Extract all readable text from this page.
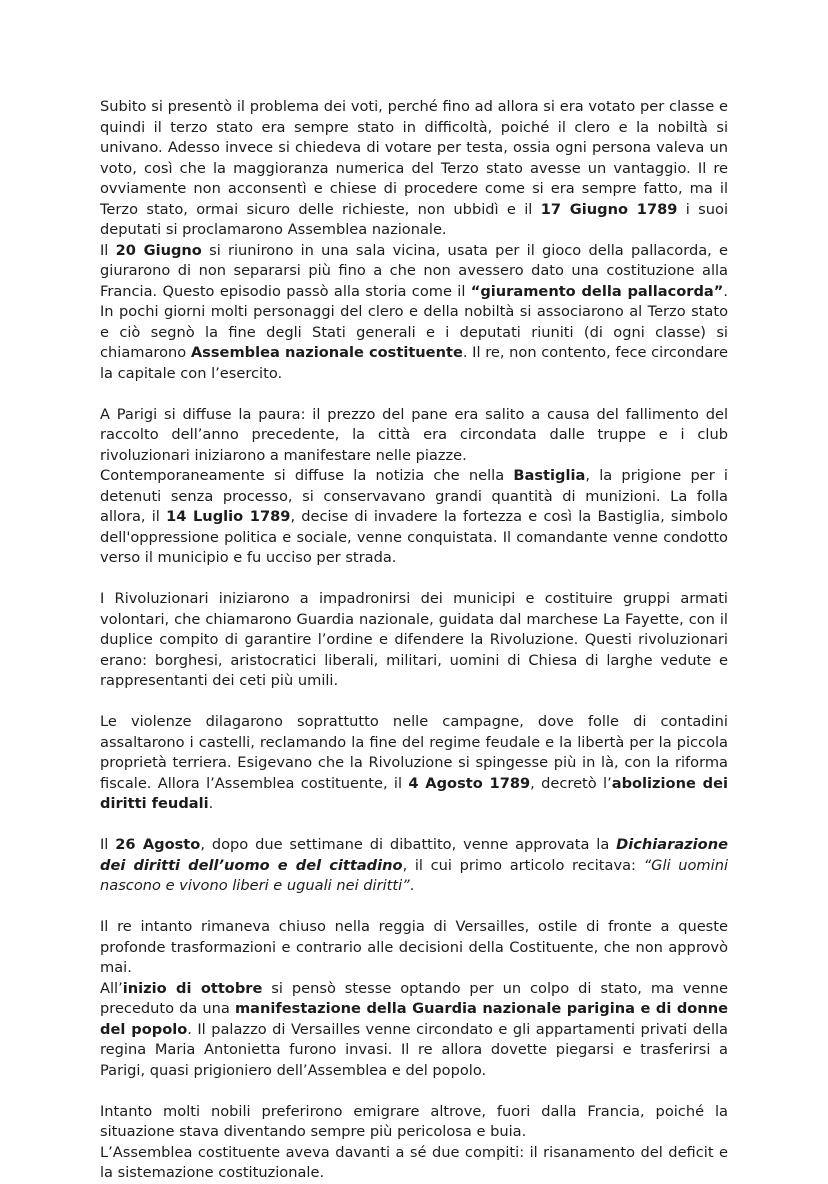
Subito si presentò il problema dei voti, perché fino ad allora si era votato per classe e quindi il terzo stato era sempre stato in difficoltà, poiché il clero e la nobiltà si univano. Adesso invece si chiedeva di votare per testa, ossia ogni persona valeva un voto, così che la maggioranza numerica del Terzo stato avesse un vantaggio. Il re ovviamente non acconsentì e chiese di procedere come si era sempre fatto, ma il Terzo stato, ormai sicuro delle richieste, non ubbidì e il 17 Giugno 1789 i suoi deputati si proclamarono Assemblea nazionale.

Il 20 Giugno si riunirono in una sala vicina, usata per il gioco della pallacorda, e giurarono di non separarsi più fino a che non avessero dato una costituzione alla Francia. Questo episodio passò alla storia come il “giuramento della pallacorda”. In pochi giorni molti personaggi del clero e della nobiltà si associarono al Terzo stato e ciò segnò la fine degli Stati generali e i deputati riuniti (di ogni classe) si chiamarono Assemblea nazionale costituente. Il re, non contento, fece circondare la capitale con l’esercito.

A Parigi si diffuse la paura: il prezzo del pane era salito a causa del fallimento del raccolto dell’anno precedente, la città era circondata dalle truppe e i club rivoluzionari iniziarono a manifestare nelle piazze.

Contemporaneamente si diffuse la notizia che nella Bastiglia, la prigione per i detenuti senza processo, si conservavano grandi quantità di munizioni. La folla allora, il 14 Luglio 1789, decise di invadere la fortezza e così la Bastiglia, simbolo dell'oppressione politica e sociale, venne conquistata. Il comandante venne condotto verso il municipio e fu ucciso per strada.

I Rivoluzionari iniziarono a impadronirsi dei municipi e costituire gruppi armati volontari, che chiamarono Guardia nazionale, guidata dal marchese La Fayette, con il duplice compito di garantire l’ordine e difendere la Rivoluzione. Questi rivoluzionari erano: borghesi, aristocratici liberali, militari, uomini di Chiesa di larghe vedute e rappresentanti dei ceti più umili.

Le violenze dilagarono soprattutto nelle campagne, dove folle di contadini assaltarono i castelli, reclamando la fine del regime feudale e la libertà per la piccola proprietà terriera. Esigevano che la Rivoluzione si spingesse più in là, con la riforma fiscale. Allora l’Assemblea costituente, il 4 Agosto 1789, decretò l’abolizione dei diritti feudali.

Il 26 Agosto, dopo due settimane di dibattito, venne approvata la Dichiarazione dei diritti dell’uomo e del cittadino, il cui primo articolo recitava: “Gli uomini nascono e vivono liberi e uguali nei diritti”.

Il re intanto rimaneva chiuso nella reggia di Versailles, ostile di fronte a queste profonde trasformazioni e contrario alle decisioni della Costituente, che non approvò mai.

All’inizio di ottobre si pensò stesse optando per un colpo di stato, ma venne preceduto da una manifestazione della Guardia nazionale parigina e di donne del popolo. Il palazzo di Versailles venne circondato e gli appartamenti privati della regina Maria Antonietta furono invasi. Il re allora dovette piegarsi e trasferirsi a Parigi, quasi prigioniero dell’Assemblea e del popolo.

Intanto molti nobili preferirono emigrare altrove, fuori dalla Francia, poiché la situazione stava diventando sempre più pericolosa e buia.

L’Assemblea costituente aveva davanti a sé due compiti: il risanamento del deficit e la sistemazione costituzionale.
